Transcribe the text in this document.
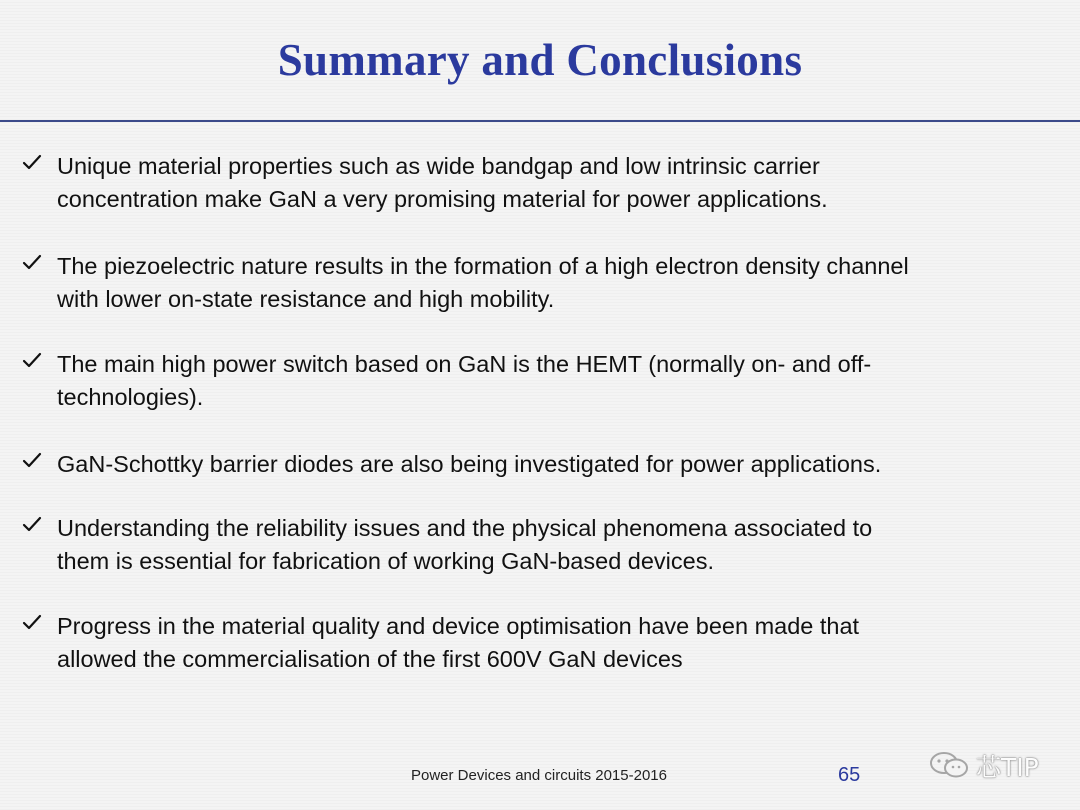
Summary and Conclusions
Unique material properties such as wide bandgap and low intrinsic carrier
concentration make GaN a very promising material for power applications.
The piezoelectric nature results in the formation of a high electron density channel
with lower on-state resistance and high mobility.
The main high power switch based on GaN is the HEMT (normally on- and off-
technologies).
GaN-Schottky barrier diodes are also being investigated for power applications.
Understanding the reliability issues and the physical phenomena associated to
them is essential for fabrication of working GaN-based devices.
Progress in the material quality and device optimisation have been made that
allowed the commercialisation of the first 600V GaN devices
Power Devices and circuits 2015-2016	65	芯TIP
